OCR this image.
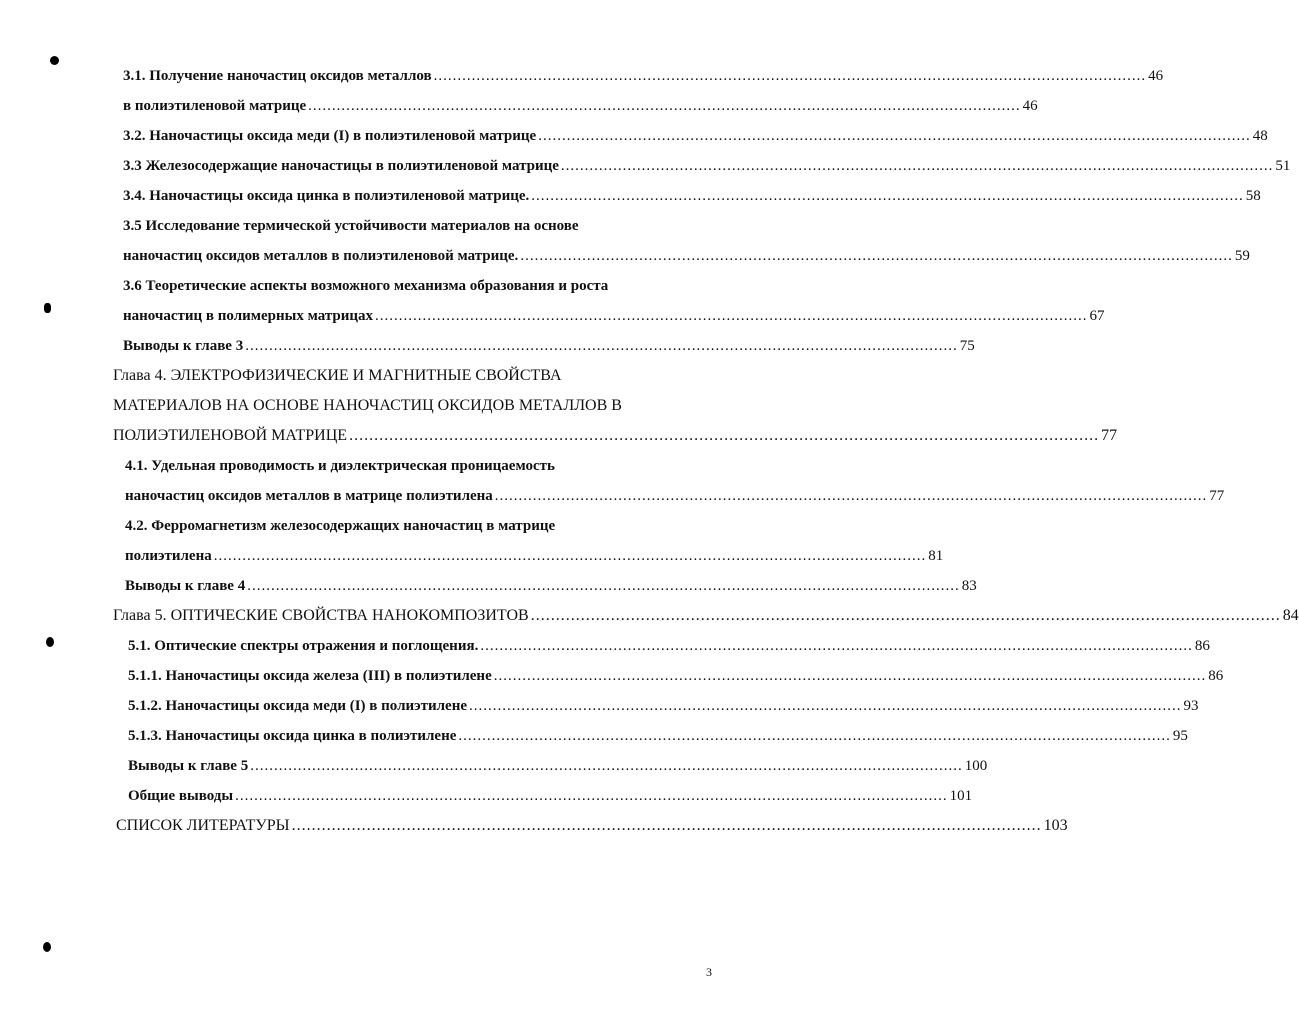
3.1. Получение наночастиц оксидов металлов ...................................................................................................................................................... 46
в полиэтиленовой матрице ...................................................................................................................................................... 46
3.2. Наночастицы оксида меди (I) в полиэтиленовой матрице ...................................................................................................................................................... 48
3.3 Железосодержащие наночастицы в полиэтиленовой матрице ...................................................................................................................................................... 51
3.4. Наночастицы оксида цинка в полиэтиленовой матрице. ...................................................................................................................................................... 58
3.5 Исследование термической устойчивости материалов на основе
наночастиц оксидов металлов в полиэтиленовой матрице. ...................................................................................................................................................... 59
3.6 Теоретические аспекты возможного механизма образования и роста
наночастиц в полимерных матрицах ...................................................................................................................................................... 67
Выводы к главе 3 ...................................................................................................................................................... 75
Глава 4. ЭЛЕКТРОФИЗИЧЕСКИЕ И МАГНИТНЫЕ СВОЙСТВА
МАТЕРИАЛОВ НА ОСНОВЕ НАНОЧАСТИЦ ОКСИДОВ МЕТАЛЛОВ В
ПОЛИЭТИЛЕНОВОЙ МАТРИЦЕ ...................................................................................................................................................... 77
4.1. Удельная проводимость и диэлектрическая проницаемость
наночастиц оксидов металлов в матрице полиэтилена ...................................................................................................................................................... 77
4.2. Ферромагнетизм железосодержащих наночастиц в матрице
полиэтилена ...................................................................................................................................................... 81
Выводы к главе 4 ...................................................................................................................................................... 83
Глава 5. ОПТИЧЕСКИЕ СВОЙСТВА НАНОКОМПОЗИТОВ ...................................................................................................................................................... 84
5.1. Оптические спектры отражения и поглощения. ...................................................................................................................................................... 86
5.1.1. Наночастицы оксида железа (III) в полиэтилене ...................................................................................................................................................... 86
5.1.2. Наночастицы оксида меди (I) в полиэтилене ...................................................................................................................................................... 93
5.1.3. Наночастицы оксида цинка в полиэтилене ...................................................................................................................................................... 95
Выводы к главе 5 ...................................................................................................................................................... 100
Общие выводы ...................................................................................................................................................... 101
СПИСОК ЛИТЕРАТУРЫ ...................................................................................................................................................... 103
3
